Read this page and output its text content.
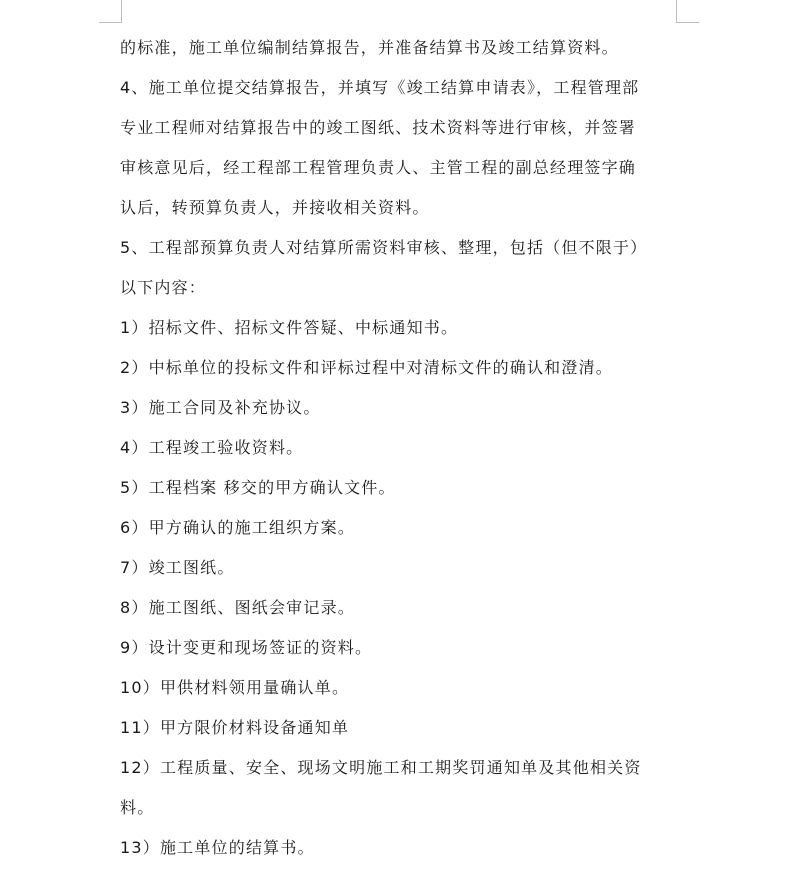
的标准，施工单位编制结算报告，并准备结算书及竣工结算资料。
4、施工单位提交结算报告，并填写《竣工结算申请表》，工程管理部
专业工程师对结算报告中的竣工图纸、技术资料等进行审核，并签署
审核意见后，经工程部工程管理负责人、主管工程的副总经理签字确
认后，转预算负责人，并接收相关资料。
5、工程部预算负责人对结算所需资料审核、整理，包括（但不限于）
以下内容：
1）招标文件、招标文件答疑、中标通知书。
2）中标单位的投标文件和评标过程中对清标文件的确认和澄清。
3）施工合同及补充协议。
4）工程竣工验收资料。
5）工程档案 移交的甲方确认文件。
6）甲方确认的施工组织方案。
7）竣工图纸。
8）施工图纸、图纸会审记录。
9）设计变更和现场签证的资料。
10）甲供材料领用量确认单。
11）甲方限价材料设备通知单
12）工程质量、安全、现场文明施工和工期奖罚通知单及其他相关资
料。
13）施工单位的结算书。
